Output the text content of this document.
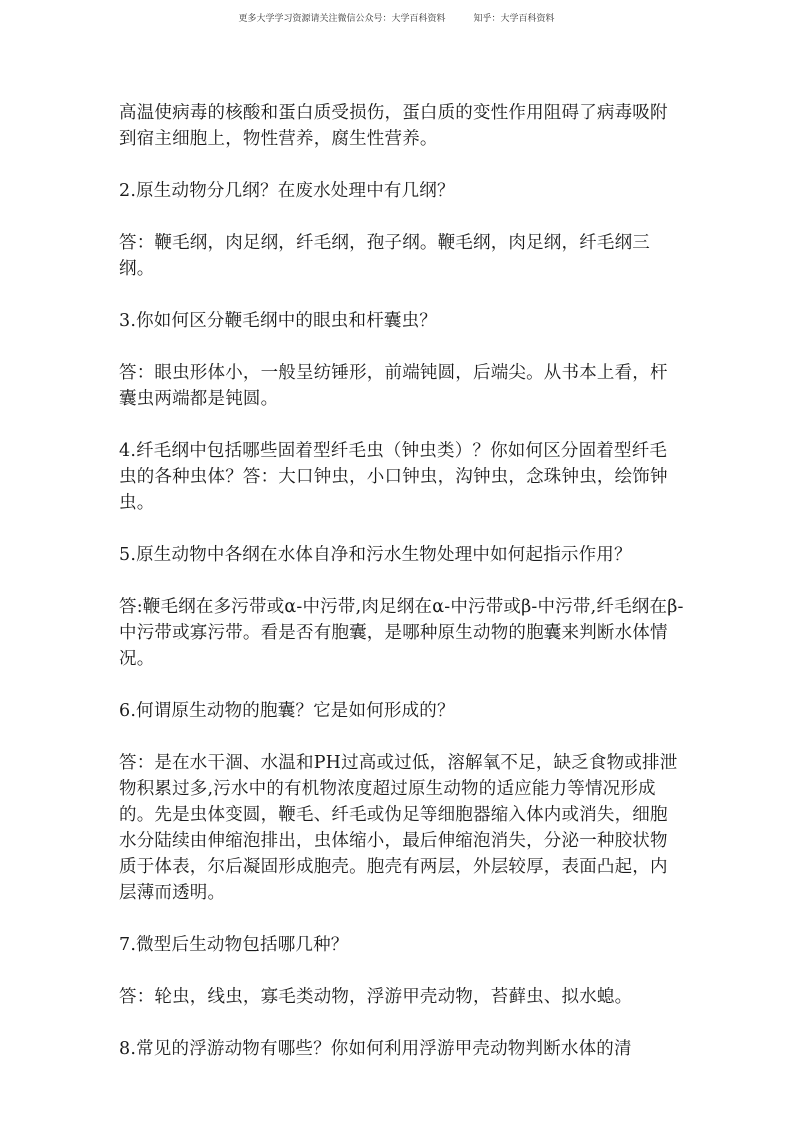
更多大学学习资源请关注微信公众号：大学百科资料	知乎：大学百科资料

高温使病毒的核酸和蛋白质受损伤，蛋白质的变性作用阻碍了病毒吸附到宿主细胞上，物性营养，腐生性营养。

2.原生动物分几纲？在废水处理中有几纲？

答：鞭毛纲，肉足纲，纤毛纲，孢子纲。鞭毛纲，肉足纲，纤毛纲三纲。

3.你如何区分鞭毛纲中的眼虫和杆囊虫？

答：眼虫形体小，一般呈纺锤形，前端钝圆，后端尖。从书本上看，杆囊虫两端都是钝圆。

4.纤毛纲中包括哪些固着型纤毛虫（钟虫类）？你如何区分固着型纤毛虫的各种虫体？答：大口钟虫，小口钟虫，沟钟虫，念珠钟虫，绘饰钟虫。

5.原生动物中各纲在水体自净和污水生物处理中如何起指示作用？

答:鞭毛纲在多污带或α-中污带,肉足纲在α-中污带或β-中污带,纤毛纲在β-中污带或寡污带。看是否有胞囊，是哪种原生动物的胞囊来判断水体情况。

6.何谓原生动物的胞囊？它是如何形成的？

答：是在水干涸、水温和PH过高或过低，溶解氧不足，缺乏食物或排泄物积累过多,污水中的有机物浓度超过原生动物的适应能力等情况形成的。先是虫体变圆，鞭毛、纤毛或伪足等细胞器缩入体内或消失，细胞水分陆续由伸缩泡排出，虫体缩小，最后伸缩泡消失，分泌一种胶状物质于体表，尔后凝固形成胞壳。胞壳有两层，外层较厚，表面凸起，内层薄而透明。

7.微型后生动物包括哪几种？

答：轮虫，线虫，寡毛类动物，浮游甲壳动物，苔藓虫、拟水螅。

8.常见的浮游动物有哪些？你如何利用浮游甲壳动物判断水体的清
